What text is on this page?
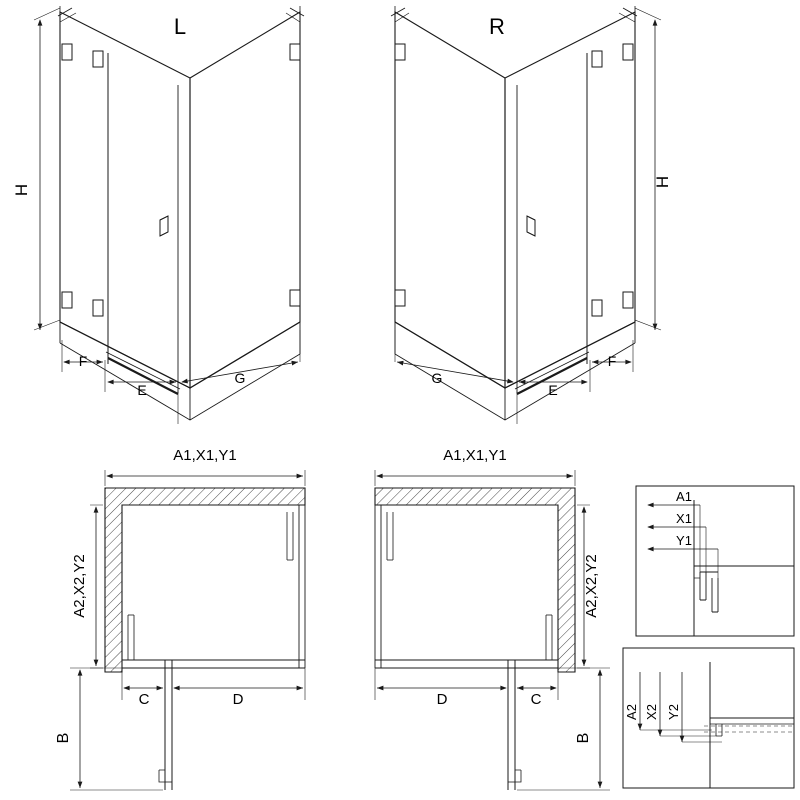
L	R
H
H
F
E
G
F
E
G
A1,X1,Y1	A1,X1,Y1
A2,X2,Y2	A2,X2,Y2
C	D	C
D
B	B
A1
X1
Y1
A2 X2 Y2
